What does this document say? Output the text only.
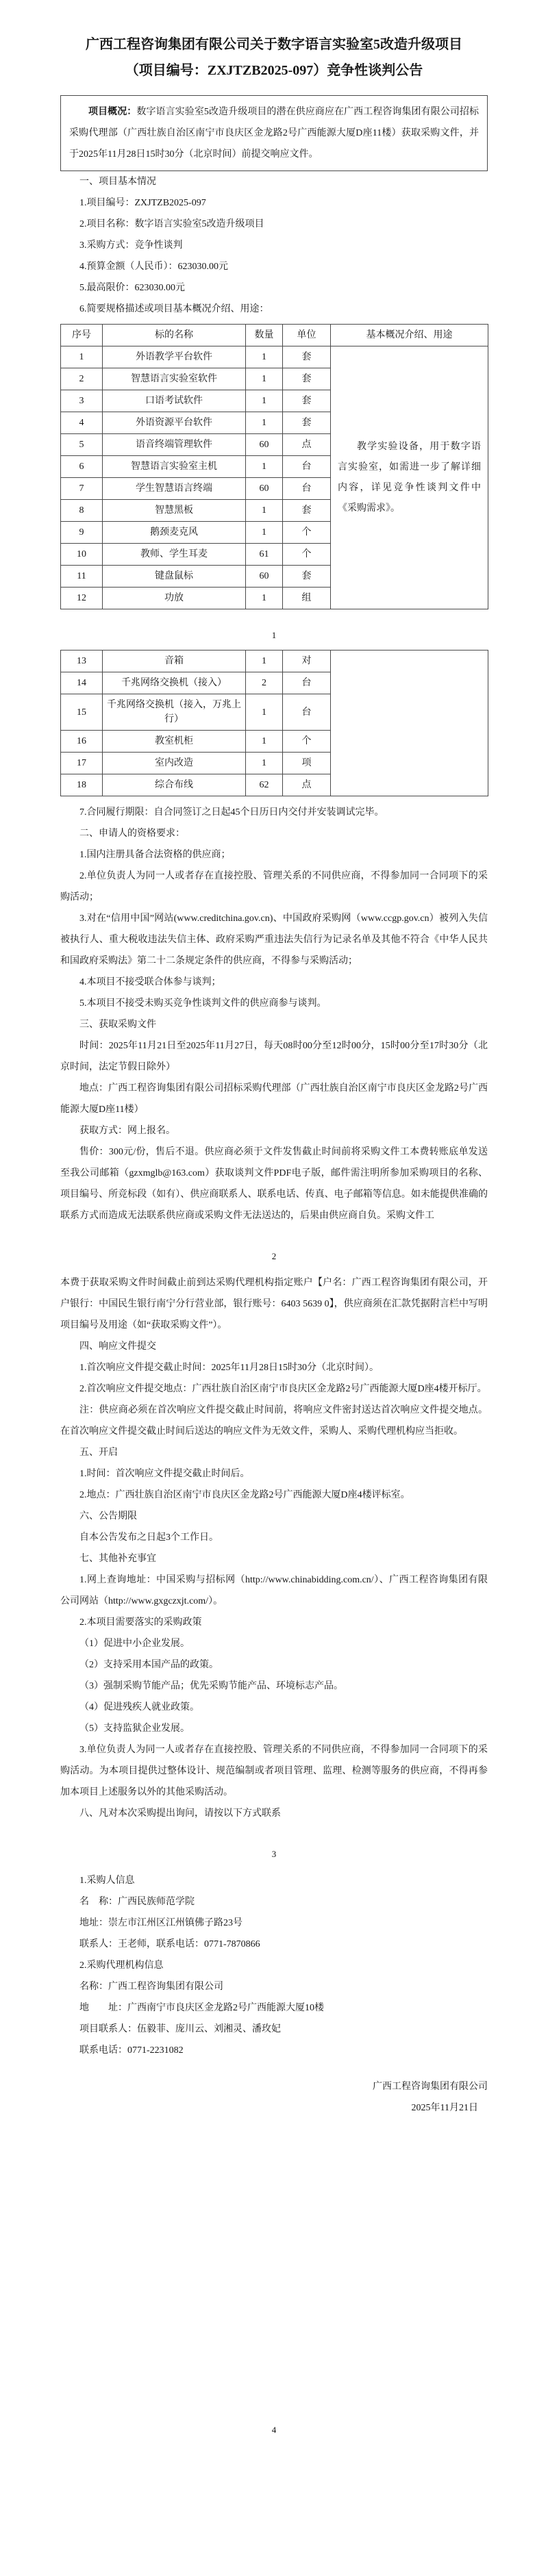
广西工程咨询集团有限公司关于数字语言实验室5改造升级项目
（项目编号：ZXJTZB2025-097）竞争性谈判公告

项目概况：数字语言实验室5改造升级项目的潜在供应商应在广西工程咨询集团有限公司招标采购代理部（广西壮族自治区南宁市良庆区金龙路2号广西能源大厦D座11楼）获取采购文件，并于2025年11月28日15时30分（北京时间）前提交响应文件。

一、项目基本情况

1.项目编号：ZXJTZB2025-097

2.项目名称：数字语言实验室5改造升级项目

3.采购方式：竞争性谈判

4.预算金额（人民币）：623030.00元

5.最高限价：623030.00元

6.简要规格描述或项目基本概况介绍、用途：

序号	标的名称	数量	单位	基本概况介绍、用途
1	外语教学平台软件	1	套	教学实验设备，用于数字语言实验室，如需进一步了解详细内容，详见竞争性谈判文件中《采购需求》。

2	智慧语言实验室软件	1	套	
3	口语考试软件	1	套	
4	外语资源平台软件	1	套	
5	语音终端管理软件	60	点	
6	智慧语言实验室主机	1	台	
7	学生智慧语言终端	60	台	
8	智慧黑板	1	套	
9	鹅颈麦克风	1	个	
10	教师、学生耳麦	61	个	
11	键盘鼠标	60	套	
12	功放	1	组	
1
13	音箱	1	对	
14	千兆网络交换机（接入）	2	台	
15	千兆网络交换机（接入，万兆上行）	1	台	
16	教室机柜	1	个	
17	室内改造	1	项	
18	综合布线	62	点	

7.合同履行期限：自合同签订之日起45个日历日内交付并安装调试完毕。

二、申请人的资格要求：

1.国内注册具备合法资格的供应商；

2.单位负责人为同一人或者存在直接控股、管理关系的不同供应商，不得参加同一合同项下的采购活动；

3.对在“信用中国”网站(www.creditchina.gov.cn)、中国政府采购网（www.ccgp.gov.cn）被列入失信被执行人、重大税收违法失信主体、政府采购严重违法失信行为记录名单及其他不符合《中华人民共和国政府采购法》第二十二条规定条件的供应商，不得参与采购活动；

4.本项目不接受联合体参与谈判；

5.本项目不接受未购买竞争性谈判文件的供应商参与谈判。

三、获取采购文件

时间：2025年11月21日至2025年11月27日，每天08时00分至12时00分，15时00分至17时30分（北京时间，法定节假日除外）

地点：广西工程咨询集团有限公司招标采购代理部（广西壮族自治区南宁市良庆区金龙路2号广西能源大厦D座11楼）

获取方式：网上报名。

售价：300元/份，售后不退。供应商必须于文件发售截止时间前将采购文件工本费转账底单发送至我公司邮箱（gzxmglb@163.com）获取谈判文件PDF电子版，邮件需注明所参加采购项目的名称、项目编号、所竞标段（如有）、供应商联系人、联系电话、传真、电子邮箱等信息。如未能提供准确的联系方式而造成无法联系供应商或采购文件无法送达的，后果由供应商自负。采购文件工

2

本费于获取采购文件时间截止前到达采购代理机构指定账户【户名：广西工程咨询集团有限公司，开户银行：中国民生银行南宁分行营业部，银行账号：6403 5639 0】，供应商须在汇款凭据附言栏中写明项目编号及用途（如“获取采购文件”）。

四、响应文件提交

1.首次响应文件提交截止时间：2025年11月28日15时30分（北京时间）。

2.首次响应文件提交地点：广西壮族自治区南宁市良庆区金龙路2号广西能源大厦D座4楼开标厅。

注：供应商必须在首次响应文件提交截止时间前，将响应文件密封送达首次响应文件提交地点。在首次响应文件提交截止时间后送达的响应文件为无效文件，采购人、采购代理机构应当拒收。

五、开启

1.时间：首次响应文件提交截止时间后。

2.地点：广西壮族自治区南宁市良庆区金龙路2号广西能源大厦D座4楼评标室。

六、公告期限

自本公告发布之日起3个工作日。

七、其他补充事宜

1.网上查询地址：中国采购与招标网（http://www.chinabidding.com.cn/）、广西工程咨询集团有限公司网站（http://www.gxgczxjt.com/）。

2.本项目需要落实的采购政策

（1）促进中小企业发展。

（2）支持采用本国产品的政策。

（3）强制采购节能产品；优先采购节能产品、环境标志产品。

（4）促进残疾人就业政策。

（5）支持监狱企业发展。

3.单位负责人为同一人或者存在直接控股、管理关系的不同供应商，不得参加同一合同项下的采购活动。为本项目提供过整体设计、规范编制或者项目管理、监理、检测等服务的供应商，不得再参加本项目上述服务以外的其他采购活动。

八、凡对本次采购提出询问，请按以下方式联系

3

1.采购人信息

名　称：广西民族师范学院

地址：崇左市江州区江州镇佛子路23号

联系人：王老师，联系电话：0771-7870866

2.采购代理机构信息

名称：广西工程咨询集团有限公司

地　　址：广西南宁市良庆区金龙路2号广西能源大厦10楼

项目联系人：伍毅菲、庞川云、刘湘灵、潘玫妃

联系电话：0771-2231082

广西工程咨询集团有限公司

2025年11月21日

4
